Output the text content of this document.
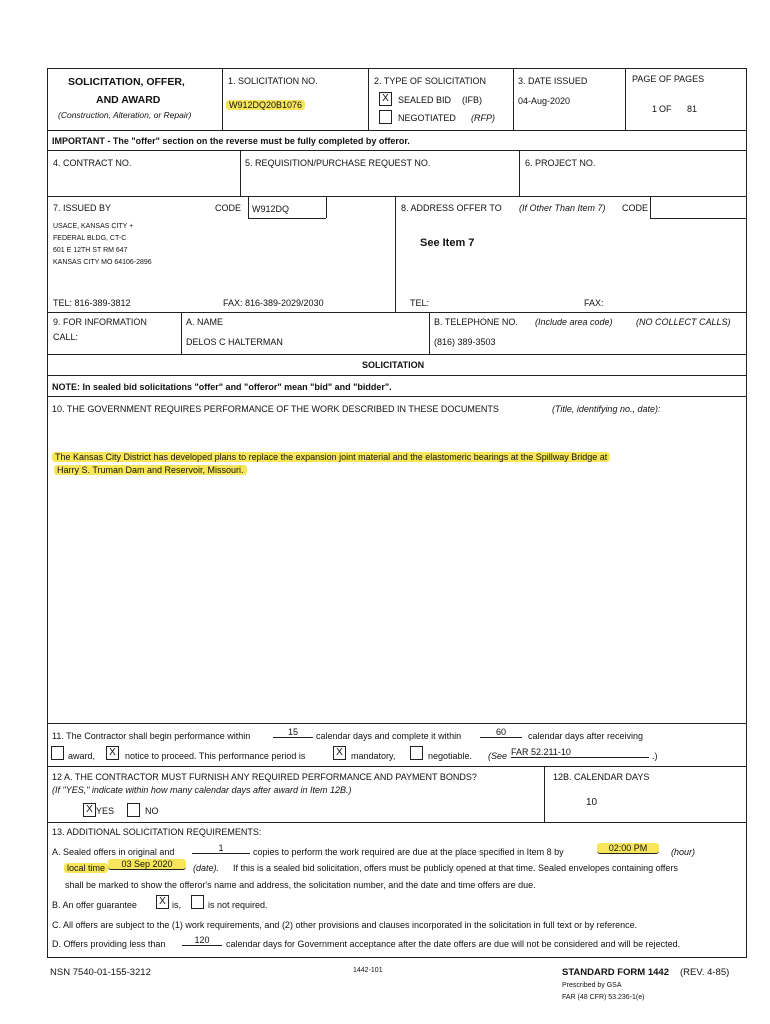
SOLICITATION, OFFER,
AND AWARD
(Construction, Alteration, or Repair)
1. SOLICITATION NO.
W912DQ20B1076
2. TYPE OF SOLICITATION
X	SEALED BID (IFB)
NEGOTIATED (RFP)
3. DATE ISSUED
04-Aug-2020
PAGE OF PAGES
1 OF 81
IMPORTANT - The "offer" section on the reverse must be fully completed by offeror.
4. CONTRACT NO.	5. REQUISITION/PURCHASE REQUEST NO.	6. PROJECT NO.
7. ISSUED BY	CODE W912DQ
USACE, KANSAS CITY +
FEDERAL BLDG, CT-C
601 E 12TH ST RM 647
KANSAS CITY MO 64106-2896
8. ADDRESS OFFER TO (If Other Than Item 7) CODE
See Item 7
TEL: 816-389-3812	FAX: 816-389-2029/2030	TEL:	FAX:
9. FOR INFORMATION
CALL:
A. NAME
DELOS C HALTERMAN
B. TELEPHONE NO. (Include area code)	(NO COLLECT CALLS)
(816) 389-3503
SOLICITATION
NOTE: In sealed bid solicitations "offer" and "offeror" mean "bid" and "bidder".
10. THE GOVERNMENT REQUIRES PERFORMANCE OF THE WORK DESCRIBED IN THESE DOCUMENTS	(Title, identifying no., date):
The Kansas City District has developed plans to replace the expansion joint material and the elastomeric bearings at the Spillway Bridge at
Harry S. Truman Dam and Reservoir, Missouri.
11. The Contractor shall begin performance within	15	calendar days and complete it within	60	calendar days after receiving
award,	X	notice to proceed. This performance period is	X mandatory,	negotiable. (See FAR 52.211-10	.)
12 A. THE CONTRACTOR MUST FURNISH ANY REQUIRED PERFORMANCE AND PAYMENT BONDS?
(If "YES," indicate within how many calendar days after award in Item 12B.)
X YES	NO
12B. CALENDAR DAYS
10
13. ADDITIONAL SOLICITATION REQUIREMENTS:
A. Sealed offers in original and	1	copies to perform the work required are due at the place specified in Item 8 by	02:00 PM	(hour)
local time	03 Sep 2020	(date). If this is a sealed bid solicitation, offers must be publicly opened at that time. Sealed envelopes containing offers
shall be marked to show the offeror's name and address, the solicitation number, and the date and time offers are due.
B. An offer guarantee	X is,	is not required.
C. All offers are subject to the (1) work requirements, and (2) other provisions and clauses incorporated in the solicitation in full text or by reference.
D. Offers providing less than	120	calendar days for Government acceptance after the date offers are due will not be considered and will be rejected.
NSN 7540-01-155-3212	1442-101	STANDARD FORM 1442 (REV. 4-85)
Prescribed by GSA
FAR (48 CFR) 53.236-1(e)
